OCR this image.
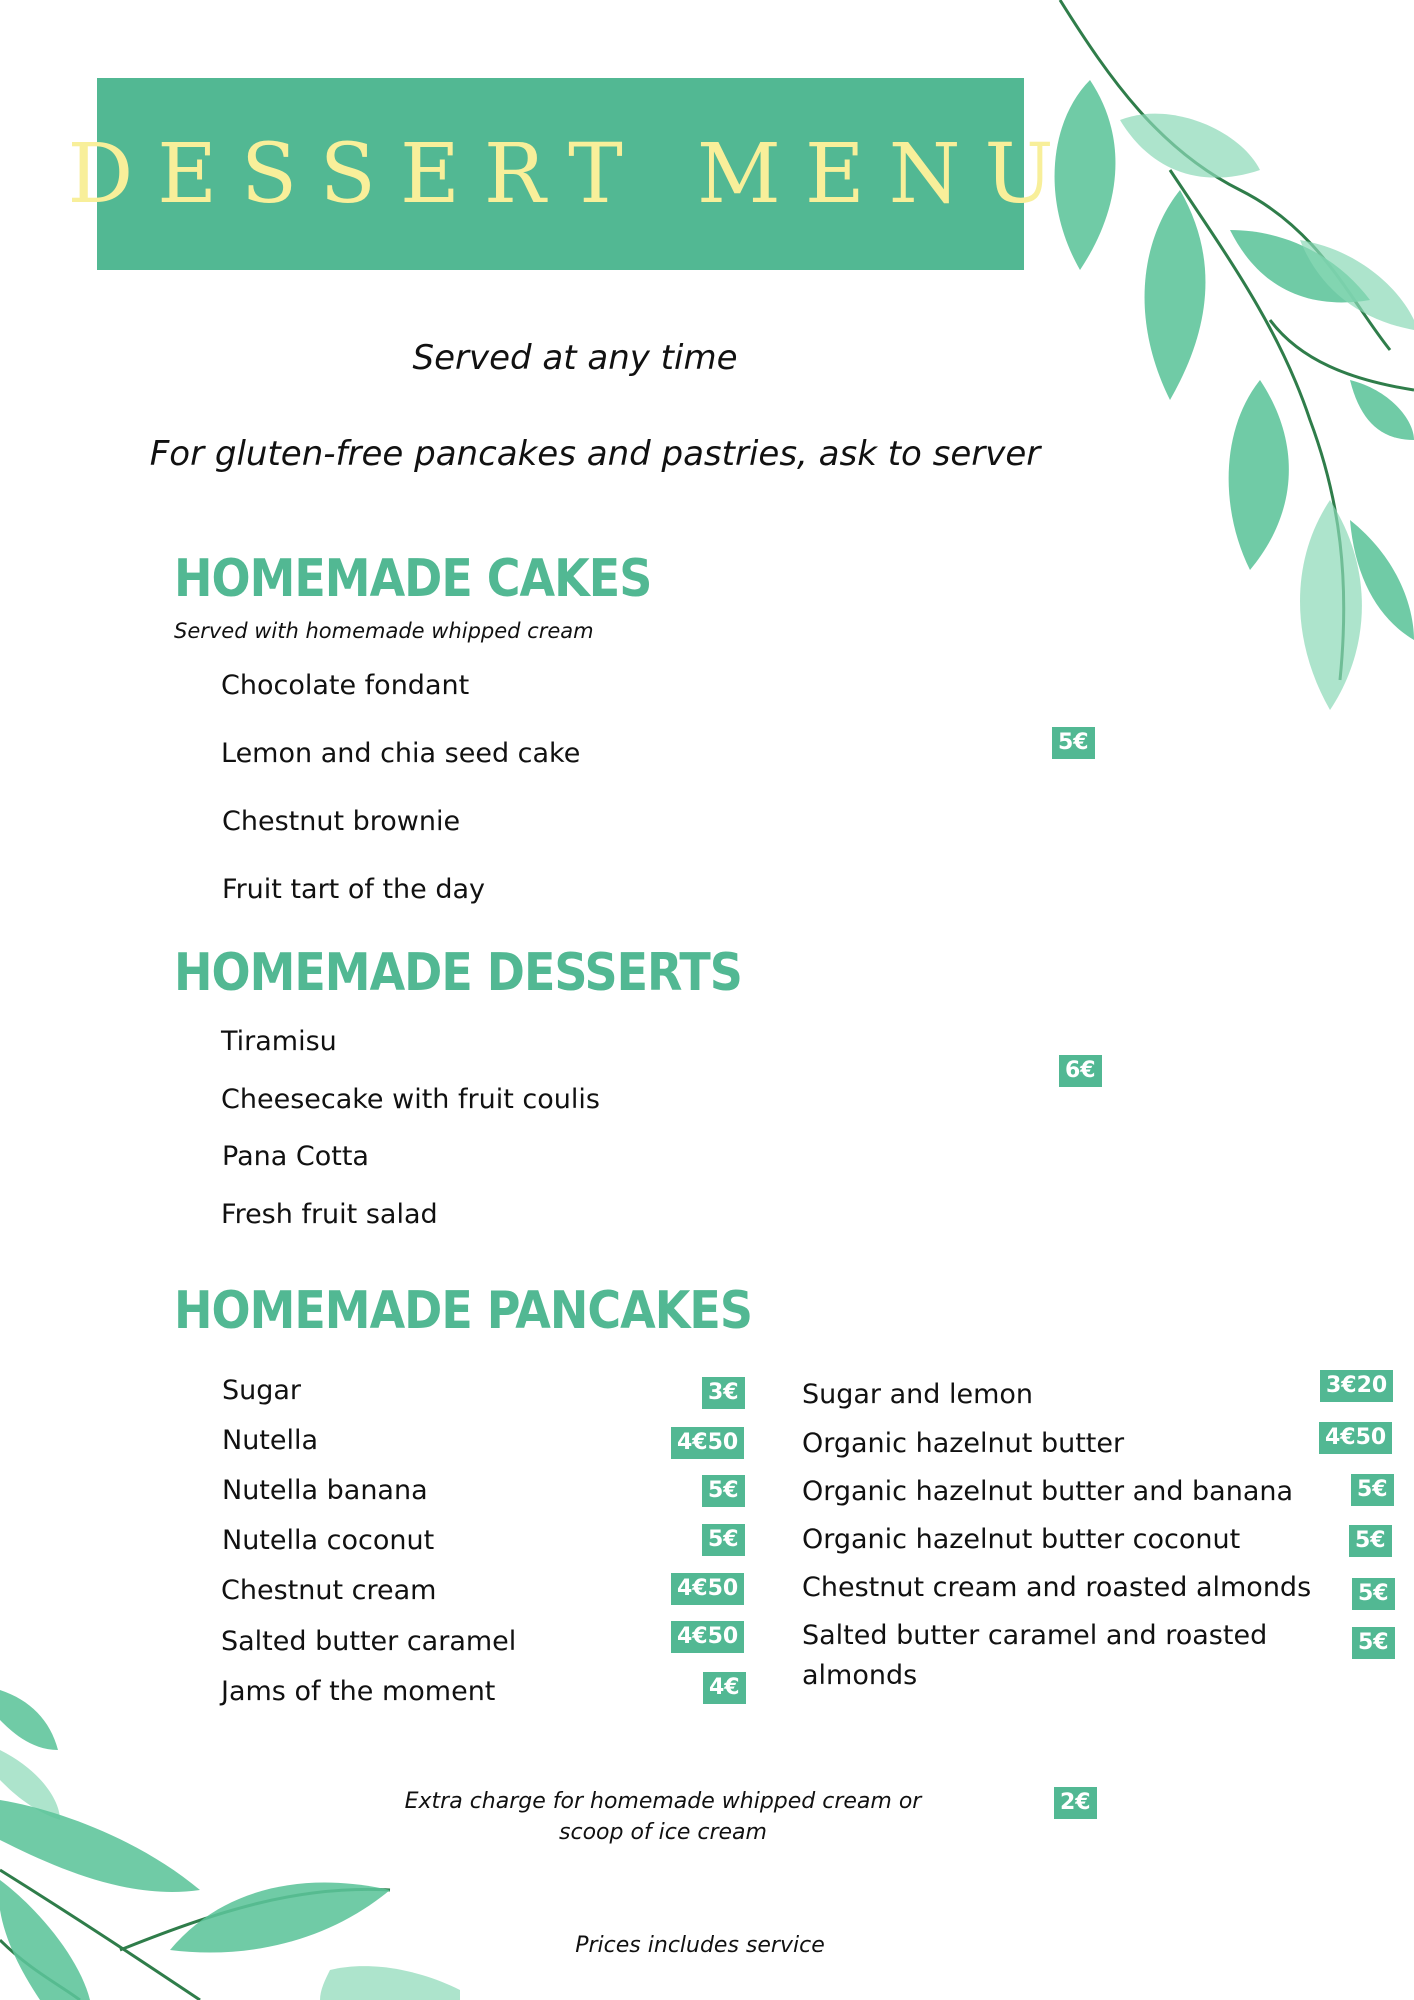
DESSERT MENU
Served at any time
For gluten-free pancakes and pastries, ask to server
HOMEMADE CAKES
Served with homemade whipped cream
Chocolate fondant
Lemon and chia seed cake
Chestnut brownie
Fruit tart of the day
5€
HOMEMADE DESSERTS
Tiramisu
Cheesecake with fruit coulis
Pana Cotta
Fresh fruit salad
6€
HOMEMADE PANCAKES
Sugar	3€
Nutella	4€50
Nutella banana	5€
Nutella coconut	5€
Chestnut cream	4€50
Salted butter caramel	4€50
Jams of the moment	4€
Sugar and lemon	3€20
Organic hazelnut butter	4€50
Organic hazelnut butter and banana	5€
Organic hazelnut butter coconut	5€
Chestnut cream and roasted almonds 5€
Salted butter caramel and roasted almonds
5€
Extra charge for homemade whipped cream or
scoop of ice cream
2€
Prices includes service
